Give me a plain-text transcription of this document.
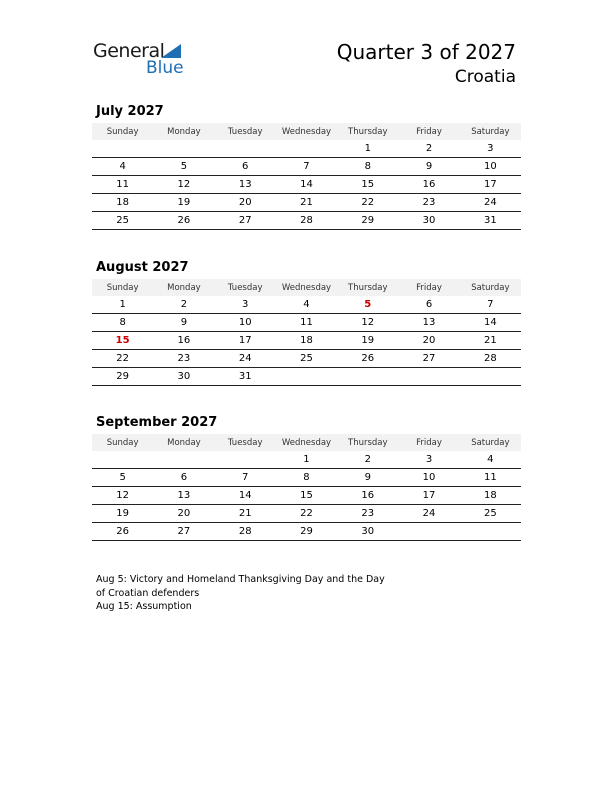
General
Blue
Quarter 3 of 2027
Croatia
July 2027
Sunday	Monday	Tuesday	Wednesday	Thursday	Friday	Saturday
				1	2	3
4	5	6	7	8	9	10
11	12	13	14	15	16	17
18	19	20	21	22	23	24
25	26	27	28	29	30	31
August 2027
Sunday	Monday	Tuesday	Wednesday	Thursday	Friday	Saturday
1	2	3	4	5	6	7
8	9	10	11	12	13	14
15	16	17	18	19	20	21
22	23	24	25	26	27	28
29	30	31				
September 2027
Sunday	Monday	Tuesday	Wednesday	Thursday	Friday	Saturday
			1	2	3	4
5	6	7	8	9	10	11
12	13	14	15	16	17	18
19	20	21	22	23	24	25
26	27	28	29	30		
Aug 5: Victory and Homeland Thanksgiving Day and the Day of Croatian defenders
Aug 15: Assumption
